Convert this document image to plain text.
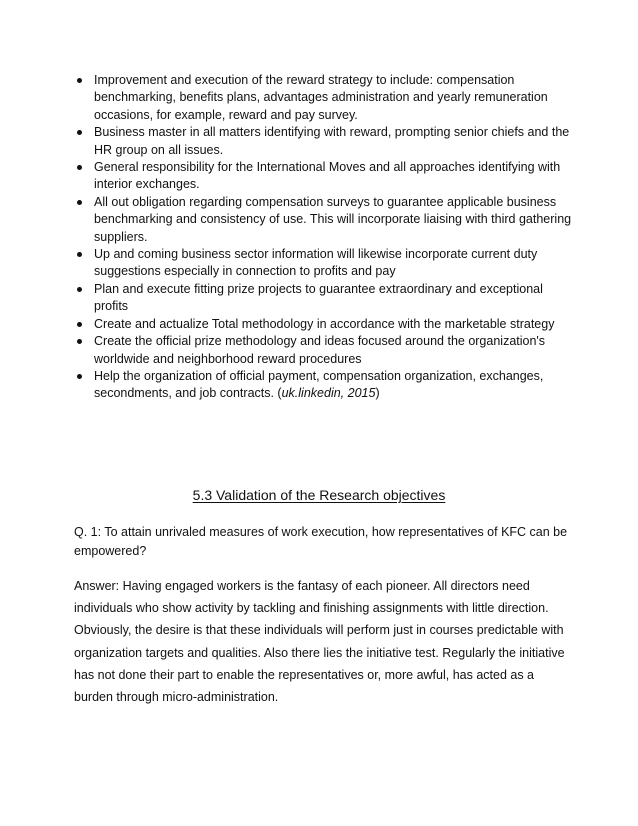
Improvement and execution of the reward strategy to include: compensation benchmarking, benefits plans, advantages administration and yearly remuneration occasions, for example, reward and pay survey.
Business master in all matters identifying with reward, prompting senior chiefs and the HR group on all issues.
General responsibility for the International Moves and all approaches identifying with interior exchanges.
All out obligation regarding compensation surveys to guarantee applicable business benchmarking and consistency of use. This will incorporate liaising with third gathering suppliers.
Up and coming business sector information will likewise incorporate current duty suggestions especially in connection to profits and pay
Plan and execute fitting prize projects to guarantee extraordinary and exceptional profits
Create and actualize Total methodology in accordance with the marketable strategy
Create the official prize methodology and ideas focused around the organization's worldwide and neighborhood reward procedures
Help the organization of official payment, compensation organization, exchanges, secondments, and job contracts. (uk.linkedin, 2015)
5.3 Validation of the Research objectives

Q. 1: To attain unrivaled measures of work execution, how representatives of KFC can be empowered?

Answer: Having engaged workers is the fantasy of each pioneer. All directors need individuals who show activity by tackling and finishing assignments with little direction. Obviously, the desire is that these individuals will perform just in courses predictable with organization targets and qualities. Also there lies the initiative test. Regularly the initiative has not done their part to enable the representatives or, more awful, has acted as a burden through micro-administration.
